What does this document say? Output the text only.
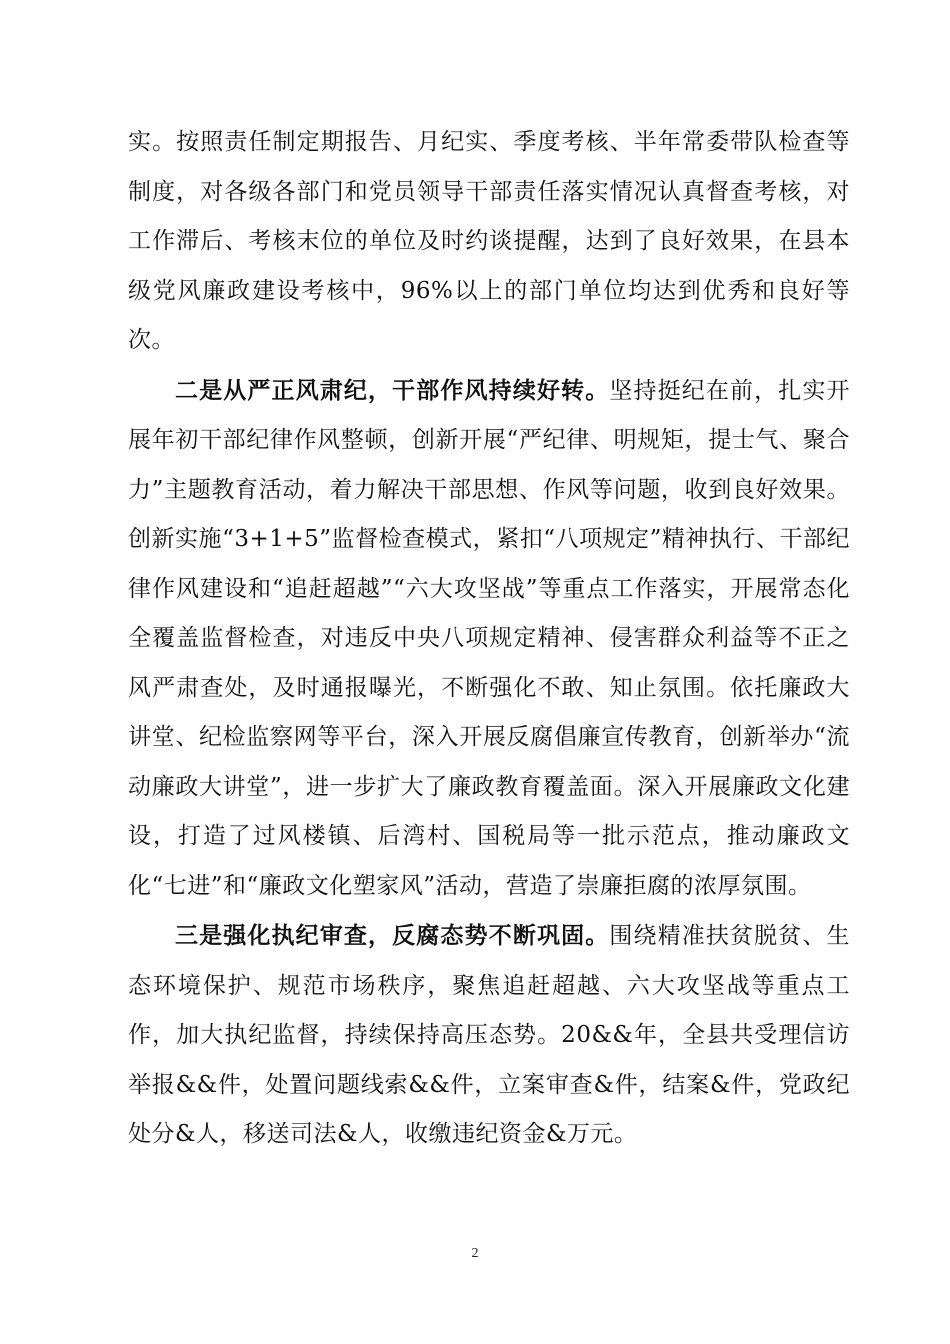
实。按照责任制定期报告、月纪实、季度考核、半年常委带队检查等制度，对各级各部门和党员领导干部责任落实情况认真督查考核，对工作滞后、考核末位的单位及时约谈提醒，达到了良好效果，在县本级党风廉政建设考核中，96%以上的部门单位均达到优秀和良好等次。

二是从严正风肃纪，干部作风持续好转。坚持挺纪在前，扎实开展年初干部纪律作风整顿，创新开展“严纪律、明规矩，提士气、聚合力”主题教育活动，着力解决干部思想、作风等问题，收到良好效果。创新实施“3+1+5”监督检查模式，紧扣“八项规定”精神执行、干部纪律作风建设和“追赶超越”“六大攻坚战”等重点工作落实，开展常态化全覆盖监督检查，对违反中央八项规定精神、侵害群众利益等不正之风严肃查处，及时通报曝光，不断强化不敢、知止氛围。依托廉政大讲堂、纪检监察网等平台，深入开展反腐倡廉宣传教育，创新举办“流动廉政大讲堂”，进一步扩大了廉政教育覆盖面。深入开展廉政文化建设，打造了过风楼镇、后湾村、国税局等一批示范点，推动廉政文化“七进”和“廉政文化塑家风”活动，营造了崇廉拒腐的浓厚氛围。

三是强化执纪审查，反腐态势不断巩固。围绕精准扶贫脱贫、生态环境保护、规范市场秩序，聚焦追赶超越、六大攻坚战等重点工作，加大执纪监督，持续保持高压态势。20&&年，全县共受理信访举报&&件，处置问题线索&&件，立案审查&件，结案&件，党政纪处分&人，移送司法&人，收缴违纪资金&万元。

2
